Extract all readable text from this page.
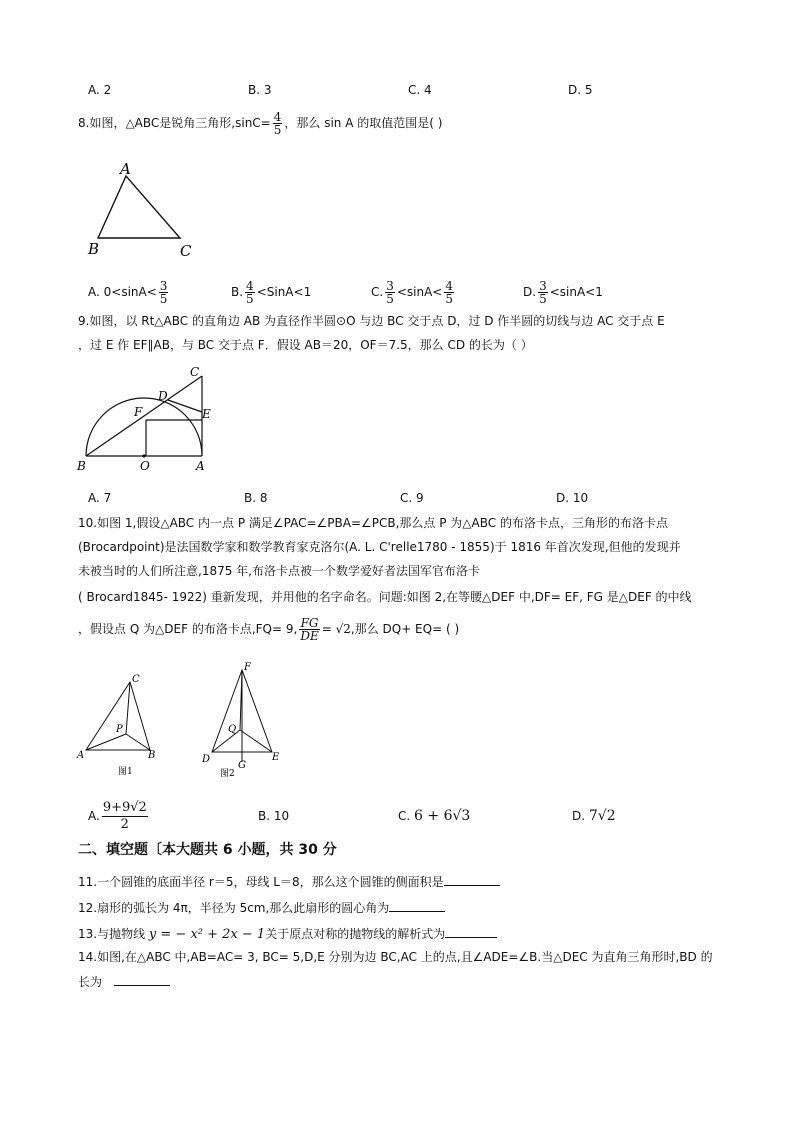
A. 2	B. 3	C. 4	D. 5
8.如图，△ABC是锐角三角形$,\sin C= \frac{4}{5}$ ，那么 sin A 的取值范围是( )
A
B	C
A. $0<\sin A< \frac{3}{5}$	B. $\frac{4}{5}$ <SinA<1	C. $\frac{3}{5} <\sin A< \frac{4}{5}$	D. $\frac{3}{5} <\sin A<1$
9.如图，以 Rt△ABC 的直角边 AB 为直径作半圆⊙O 与边 BC 交于点 D，过 D 作半圆的切线与边 AC 交于点 E
，过 E 作 EF∥AB，与 BC 交于点 F．假设 AB＝20，OF＝7.5，那么 CD 的长为（ ）
C
D
E
F
B	O	A
A. 7	B. 8	C. 9	D. 10
10.如图 1,假设△ABC 内一点 P 满足∠PAC=∠PBA=∠PCB,那么点 P 为△ABC 的布洛卡点，三角形的布洛卡点
(Brocardpoint)是法国数学家和数学教育家克洛尔(A. L. C'relle1780 - 1855)于 1816 年首次发现,但他的发现并
未被当时的人们所注意,1875 年,布洛卡点被一个数学爱好者法国军官布洛卡
( Brocard1845- 1922) 重新发现，并用他的名字命名。问题:如图 2,在等腰△DEF 中,DF= EF, FG 是△DEF 的中线
，假设点 Q 为△DEF 的布洛卡点,FQ= 9, $\frac{FG}{DE} = √2$,那么 DQ+ EQ= ( )
C
P
A	B
图1
F
Q
D
G
E
图2
A. $\frac{9+9√2}{2}$	B. 10	C. 6 + 6√3	D. 7√2
二、填空题〔本大题共 6 小题，共 30 分
11.一个圆锥的底面半径 r＝5，母线 L＝8，那么这个圆锥的侧面积是
12.扇形的弧长为 4π，半径为 5cm,那么此扇形的圆心角为
13.与抛物线 y = − x² + 2x − 1关于原点对称的抛物线的解析式为
14.如图,在△ABC 中,AB=AC= 3, BC= 5,D,E 分别为边 BC,AC 上的点,且∠ADE=∠B.当△DEC 为直角三角形时,BD 的
长为
